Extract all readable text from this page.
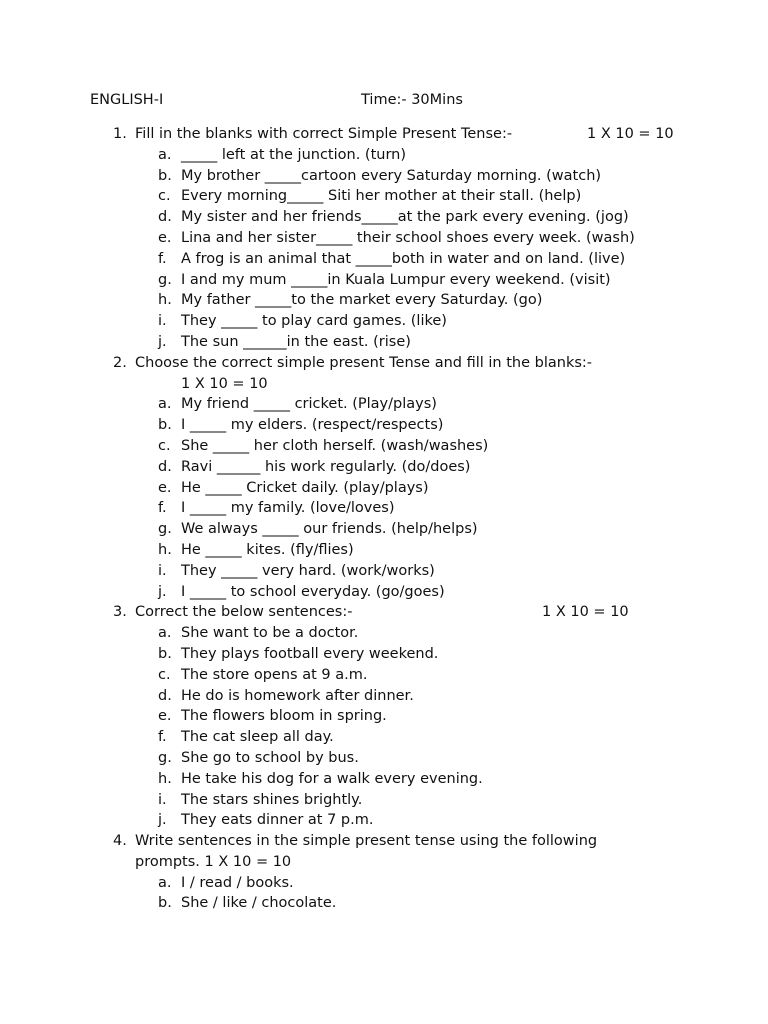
ENGLISH-I	Time:- 30Mins
1. Fill in the blanks with correct Simple Present Tense:-	1 X 10 = 10
a. _____ left at the junction. (turn)
b. My brother _____cartoon every Saturday morning. (watch)
c. Every morning_____ Siti her mother at their stall. (help)
d. My sister and her friends_____at the park every evening. (jog)
e. Lina and her sister_____ their school shoes every week. (wash)
f. A frog is an animal that _____both in water and on land. (live)
g. I and my mum _____in Kuala Lumpur every weekend. (visit)
h. My father _____to the market every Saturday. (go)
i. They _____ to play card games. (like)
j. The sun ______in the east. (rise)
2. Choose the correct simple present Tense and fill in the blanks:-
1 X 10 = 10
a. My friend _____ cricket. (Play/plays)
b. I _____ my elders. (respect/respects)
c. She _____ her cloth herself. (wash/washes)
d. Ravi ______ his work regularly. (do/does)
e. He _____ Cricket daily. (play/plays)
f. I _____ my family. (love/loves)
g. We always _____ our friends. (help/helps)
h. He _____ kites. (fly/flies)
i. They _____ very hard. (work/works)
j. I _____ to school everyday. (go/goes)
3. Correct the below sentences:-	1 X 10 = 10
a. She want to be a doctor.
b. They plays football every weekend.
c. The store opens at 9 a.m.
d. He do is homework after dinner.
e. The flowers bloom in spring.
f. The cat sleep all day.
g. She go to school by bus.
h. He take his dog for a walk every evening.
i. The stars shines brightly.
j. They eats dinner at 7 p.m.
4. Write sentences in the simple present tense using the following
prompts. 1 X 10 = 10
a. I / read / books.
b. She / like / chocolate.
